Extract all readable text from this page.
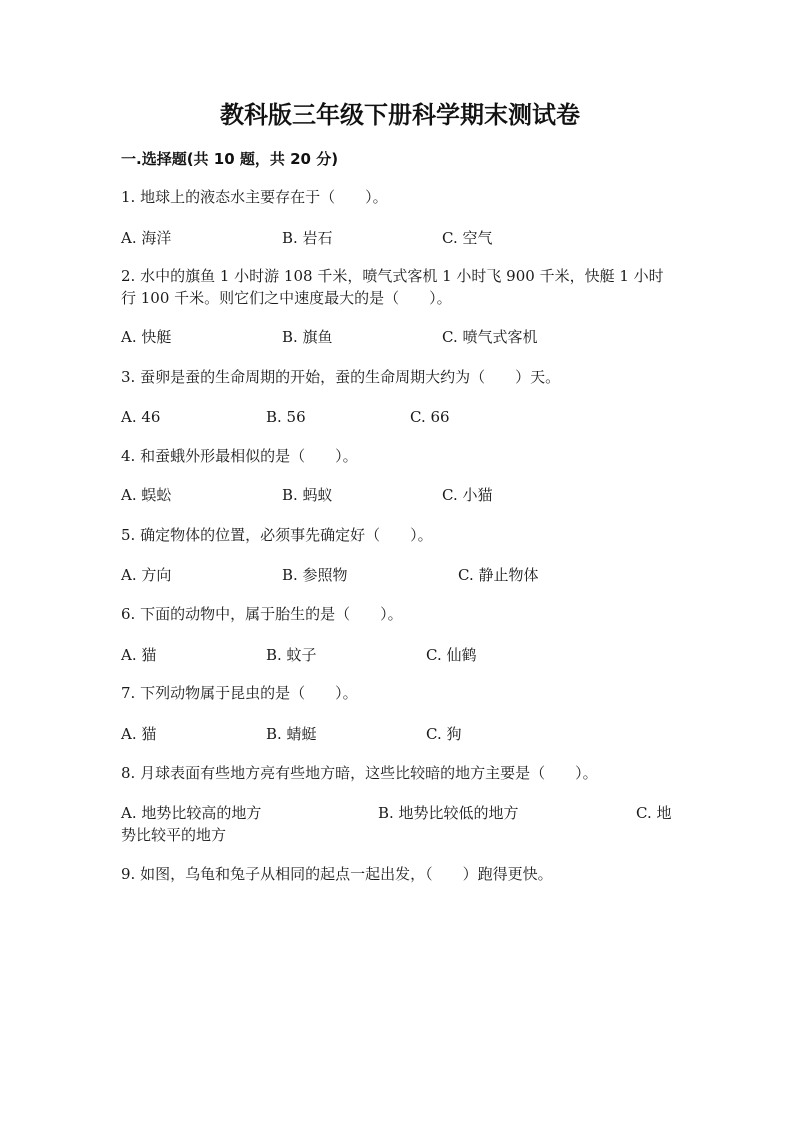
教科版三年级下册科学期末测试卷
一.选择题(共 10 题，共 20 分)
1. 地球上的液态水主要存在于（　　）。
A. 海洋	B. 岩石	C. 空气
2. 水中的旗鱼 1 小时游 108 千米，喷气式客机 1 小时飞 900 千米，快艇 1 小时
行 100 千米。则它们之中速度最大的是（　　）。
A. 快艇	B. 旗鱼	C. 喷气式客机
3. 蚕卵是蚕的生命周期的开始，蚕的生命周期大约为（　　）天。
A. 46	B. 56	C. 66
4. 和蚕蛾外形最相似的是（　　）。
A. 蜈蚣	B. 蚂蚁	C. 小猫
5. 确定物体的位置，必须事先确定好（　　）。
A. 方向	B. 参照物	C. 静止物体
6. 下面的动物中，属于胎生的是（　　）。
A. 猫	B. 蚊子	C. 仙鹤
7. 下列动物属于昆虫的是（　　）。
A. 猫	B. 蜻蜓	C. 狗
8. 月球表面有些地方亮有些地方暗，这些比较暗的地方主要是（　　）。
A. 地势比较高的地方	B. 地势比较低的地方	C. 地
势比较平的地方
9. 如图，乌龟和兔子从相同的起点一起出发，（　　）跑得更快。
